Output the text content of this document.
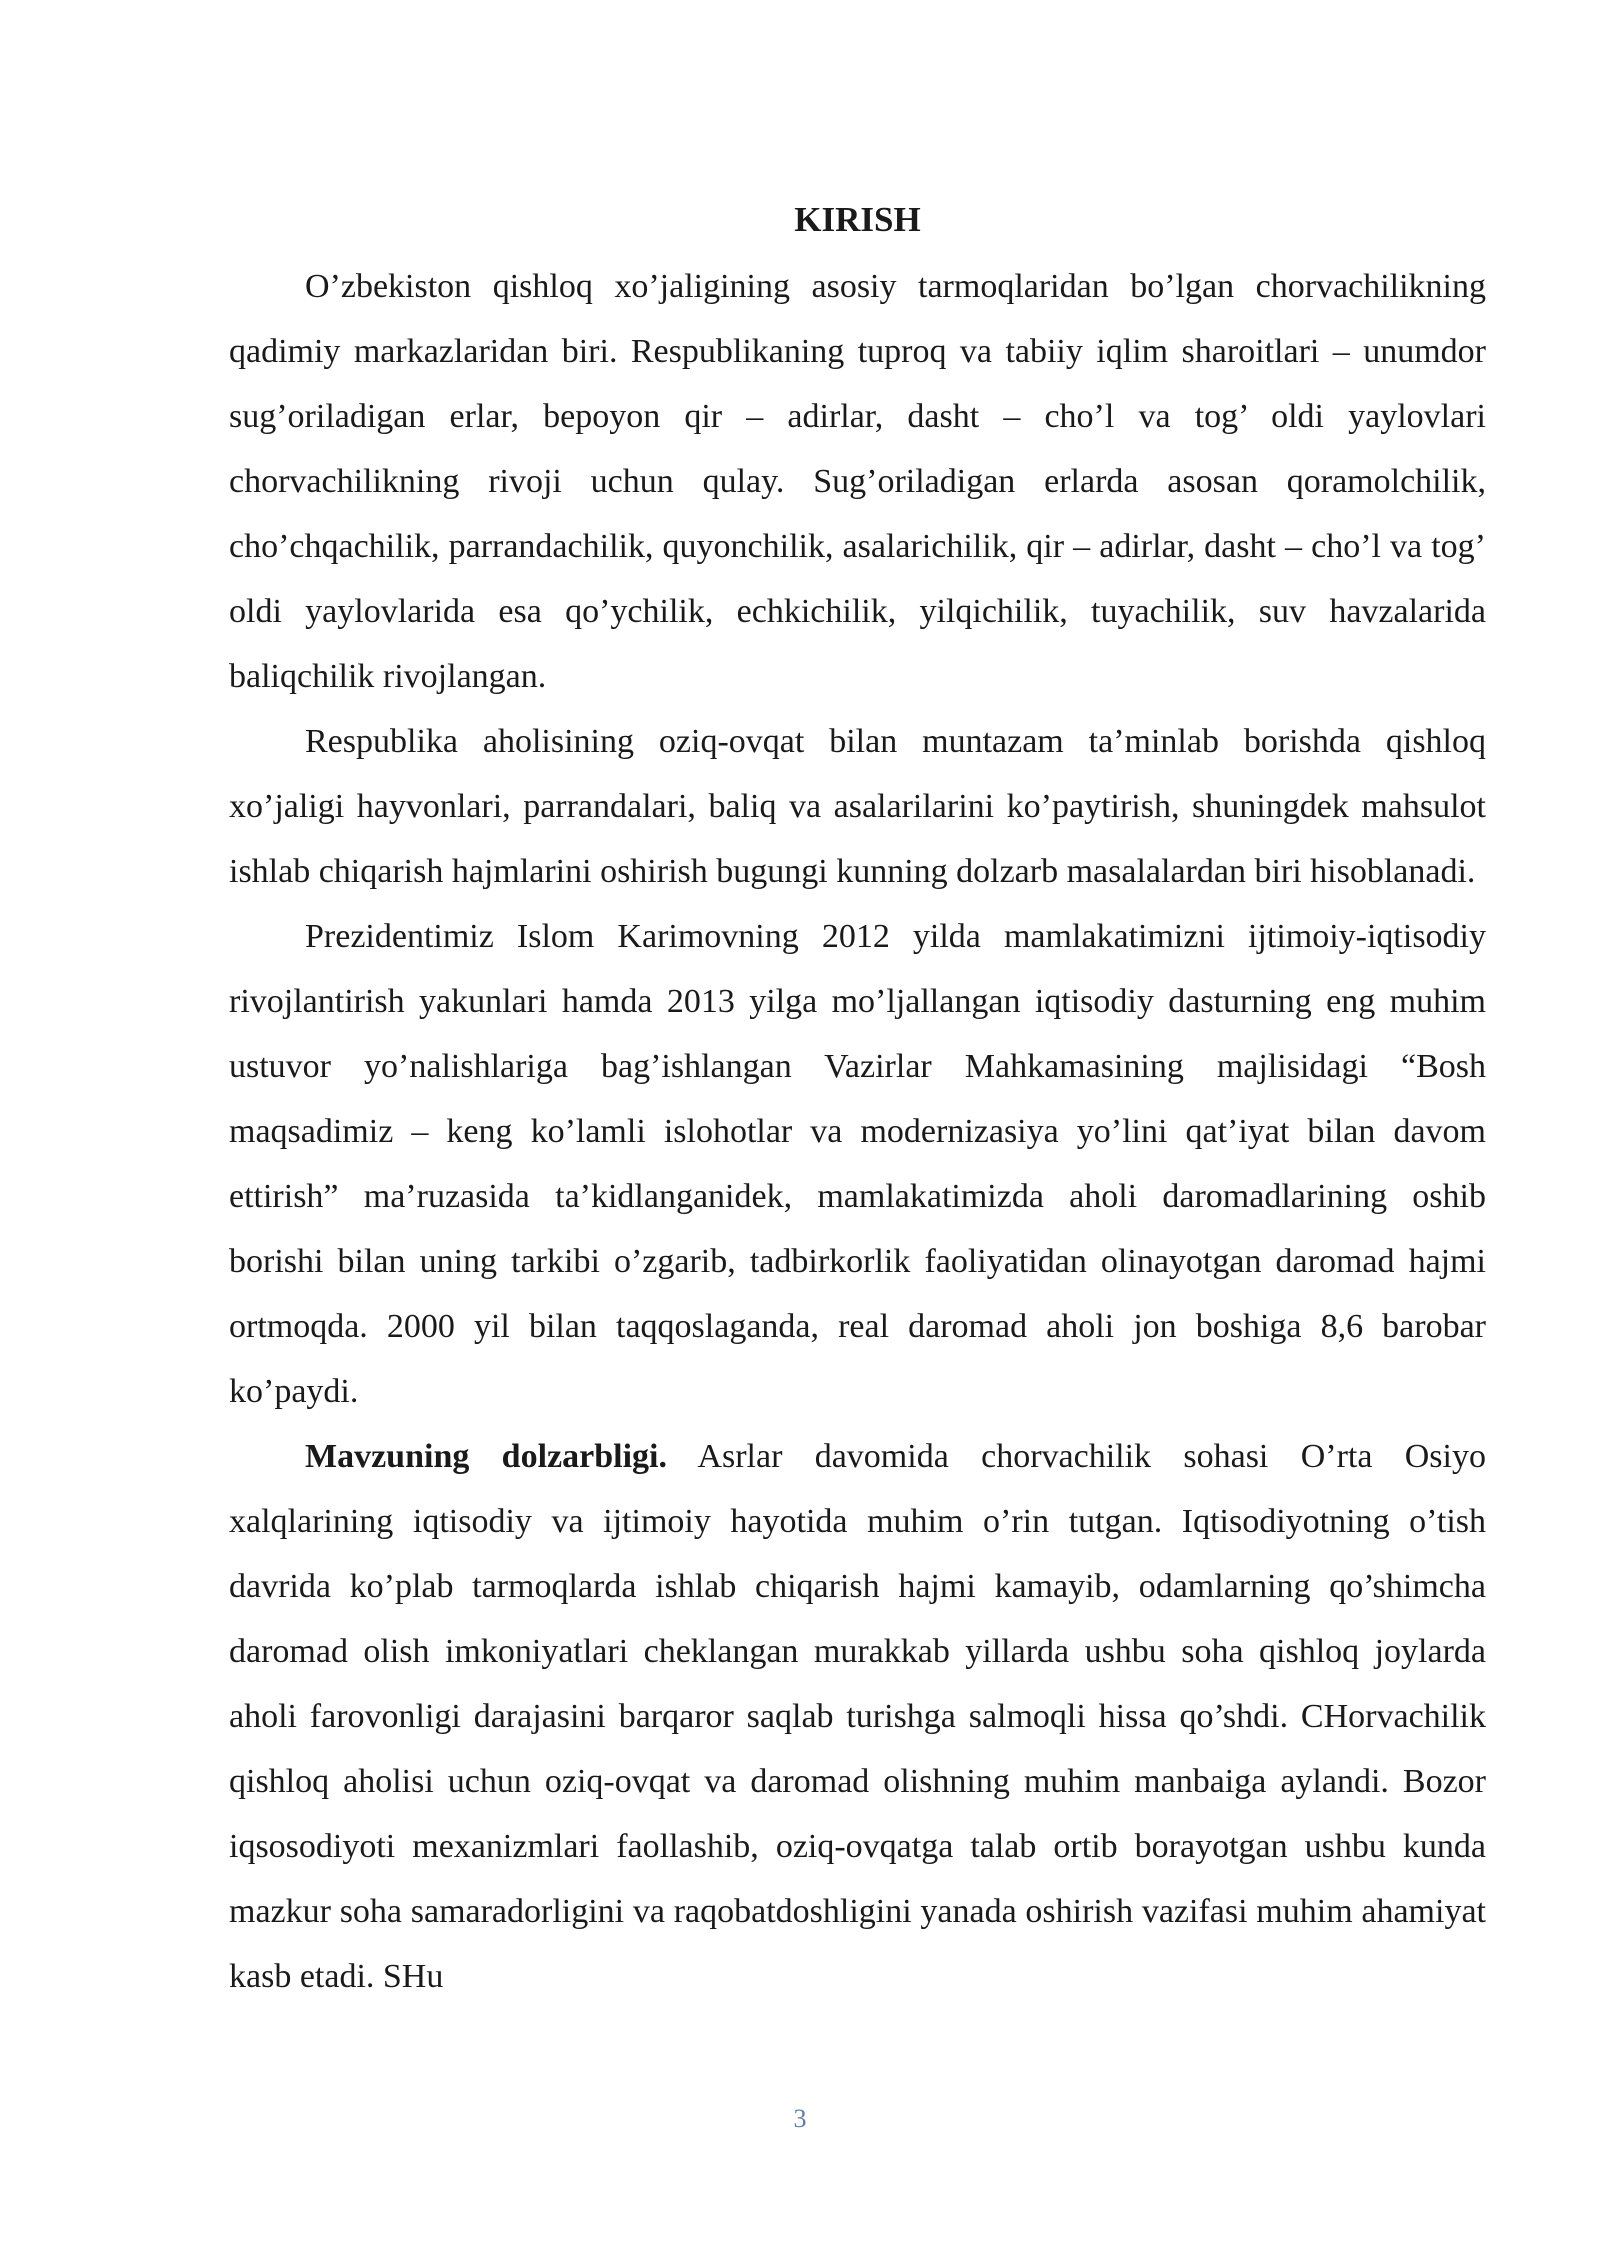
KIRISH

O’zbekiston qishloq xo’jaligining asosiy tarmoqlaridan bo’lgan chorvachilikning qadimiy markazlaridan biri. Respublikaning tuproq va tabiiy iqlim sharoitlari – unumdor sug’oriladigan erlar, bepoyon qir – adirlar, dasht – cho’l va tog’ oldi yaylovlari chorvachilikning rivoji uchun qulay. Sug’oriladigan erlarda asosan qoramolchilik, cho’chqachilik, parrandachilik, quyonchilik, asalarichilik, qir – adirlar, dasht – cho’l va tog’ oldi yaylovlarida esa qo’ychilik, echkichilik, yilqichilik, tuyachilik, suv havzalarida baliqchilik rivojlangan.

Respublika aholisining oziq-ovqat bilan muntazam ta’minlab borishda qishloq xo’jaligi hayvonlari, parrandalari, baliq va asalarilarini ko’paytirish, shuningdek mahsulot ishlab chiqarish hajmlarini oshirish bugungi kunning dolzarb masalalardan biri hisoblanadi.

Prezidentimiz Islom Karimovning 2012 yilda mamlakatimizni ijtimoiy-iqtisodiy rivojlantirish yakunlari hamda 2013 yilga mo’ljallangan iqtisodiy dasturning eng muhim ustuvor yo’nalishlariga bag’ishlangan Vazirlar Mahkamasining majlisidagi “Bosh maqsadimiz – keng ko’lamli islohotlar va modernizasiya yo’lini qat’iyat bilan davom ettirish” ma’ruzasida ta’kidlanganidek, mamlakatimizda aholi daromadlarining oshib borishi bilan uning tarkibi o’zgarib, tadbirkorlik faoliyatidan olinayotgan daromad hajmi ortmoqda. 2000 yil bilan taqqoslaganda, real daromad aholi jon boshiga 8,6 barobar ko’paydi.

Mavzuning dolzarbligi. Asrlar davomida chorvachilik sohasi O’rta Osiyo xalqlarining iqtisodiy va ijtimoiy hayotida muhim o’rin tutgan. Iqtisodiyotning o’tish davrida ko’plab tarmoqlarda ishlab chiqarish hajmi kamayib, odamlarning qo’shimcha daromad olish imkoniyatlari cheklangan murakkab yillarda ushbu soha qishloq joylarda aholi farovonligi darajasini barqaror saqlab turishga salmoqli hissa qo’shdi. CHorvachilik qishloq aholisi uchun oziq-ovqat va daromad olishning muhim manbaiga aylandi. Bozor iqsosodiyoti mexanizmlari faollashib, oziq-ovqatga talab ortib borayotgan ushbu kunda mazkur soha samaradorligini va raqobatdoshligini yanada oshirish vazifasi muhim ahamiyat kasb etadi. SHu

3
